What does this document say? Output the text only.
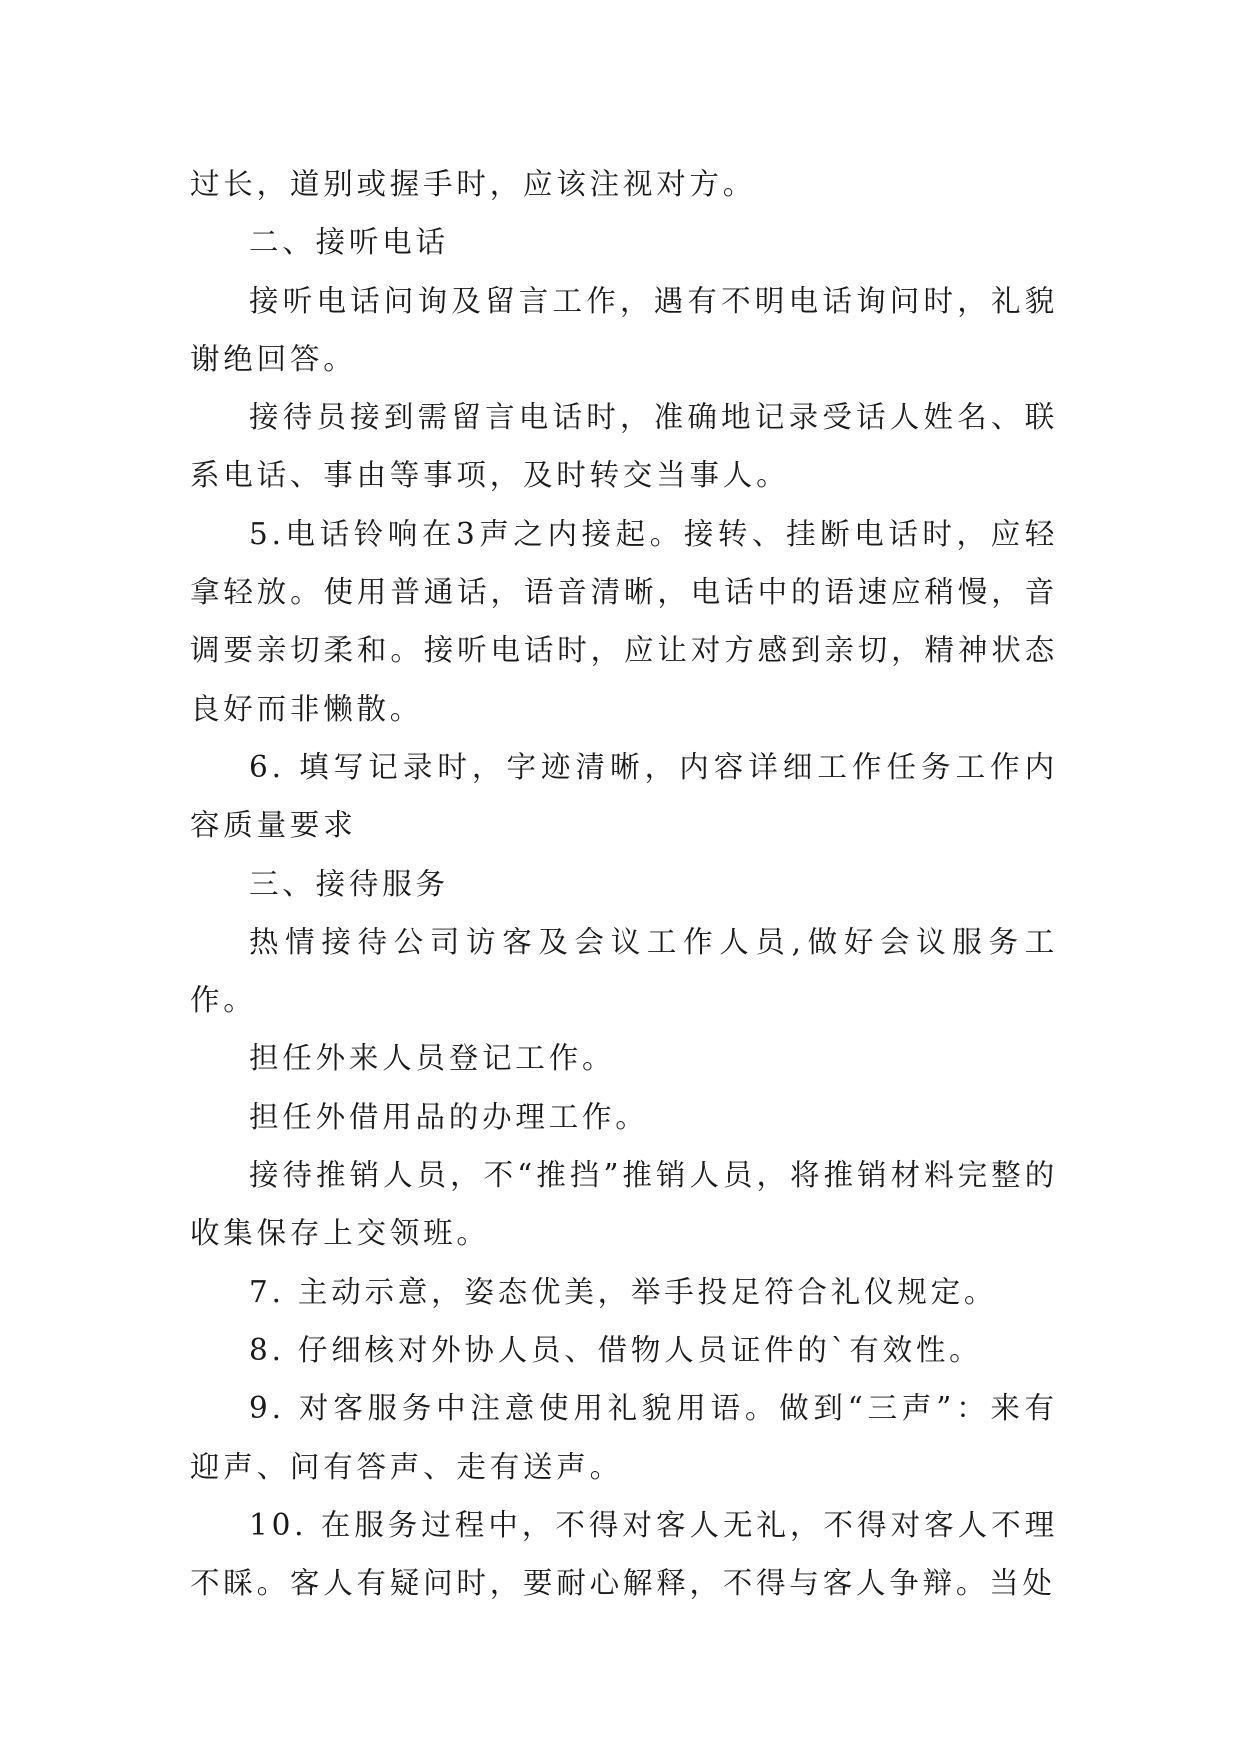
过长，道别或握手时，应该注视对方。

二、接听电话

接听电话问询及留言工作，遇有不明电话询问时，礼貌谢绝回答。

接待员接到需留言电话时，准确地记录受话人姓名、联系电话、事由等事项，及时转交当事人。

5.电话铃响在3声之内接起。接转、挂断电话时，应轻拿轻放。使用普通话，语音清晰，电话中的语速应稍慢，音调要亲切柔和。接听电话时，应让对方感到亲切，精神状态良好而非懒散。

6. 填写记录时，字迹清晰，内容详细工作任务工作内容质量要求

三、接待服务

热情接待公司访客及会议工作人员,做好会议服务工作。

担任外来人员登记工作。

担任外借用品的办理工作。

接待推销人员，不“推挡”推销人员，将推销材料完整的收集保存上交领班。

7. 主动示意，姿态优美，举手投足符合礼仪规定。

8. 仔细核对外协人员、借物人员证件的`有效性。

9. 对客服务中注意使用礼貌用语。做到“三声”：来有迎声、问有答声、走有送声。

10. 在服务过程中，不得对客人无礼，不得对客人不理不睬。客人有疑问时，要耐心解释，不得与客人争辩。当处
